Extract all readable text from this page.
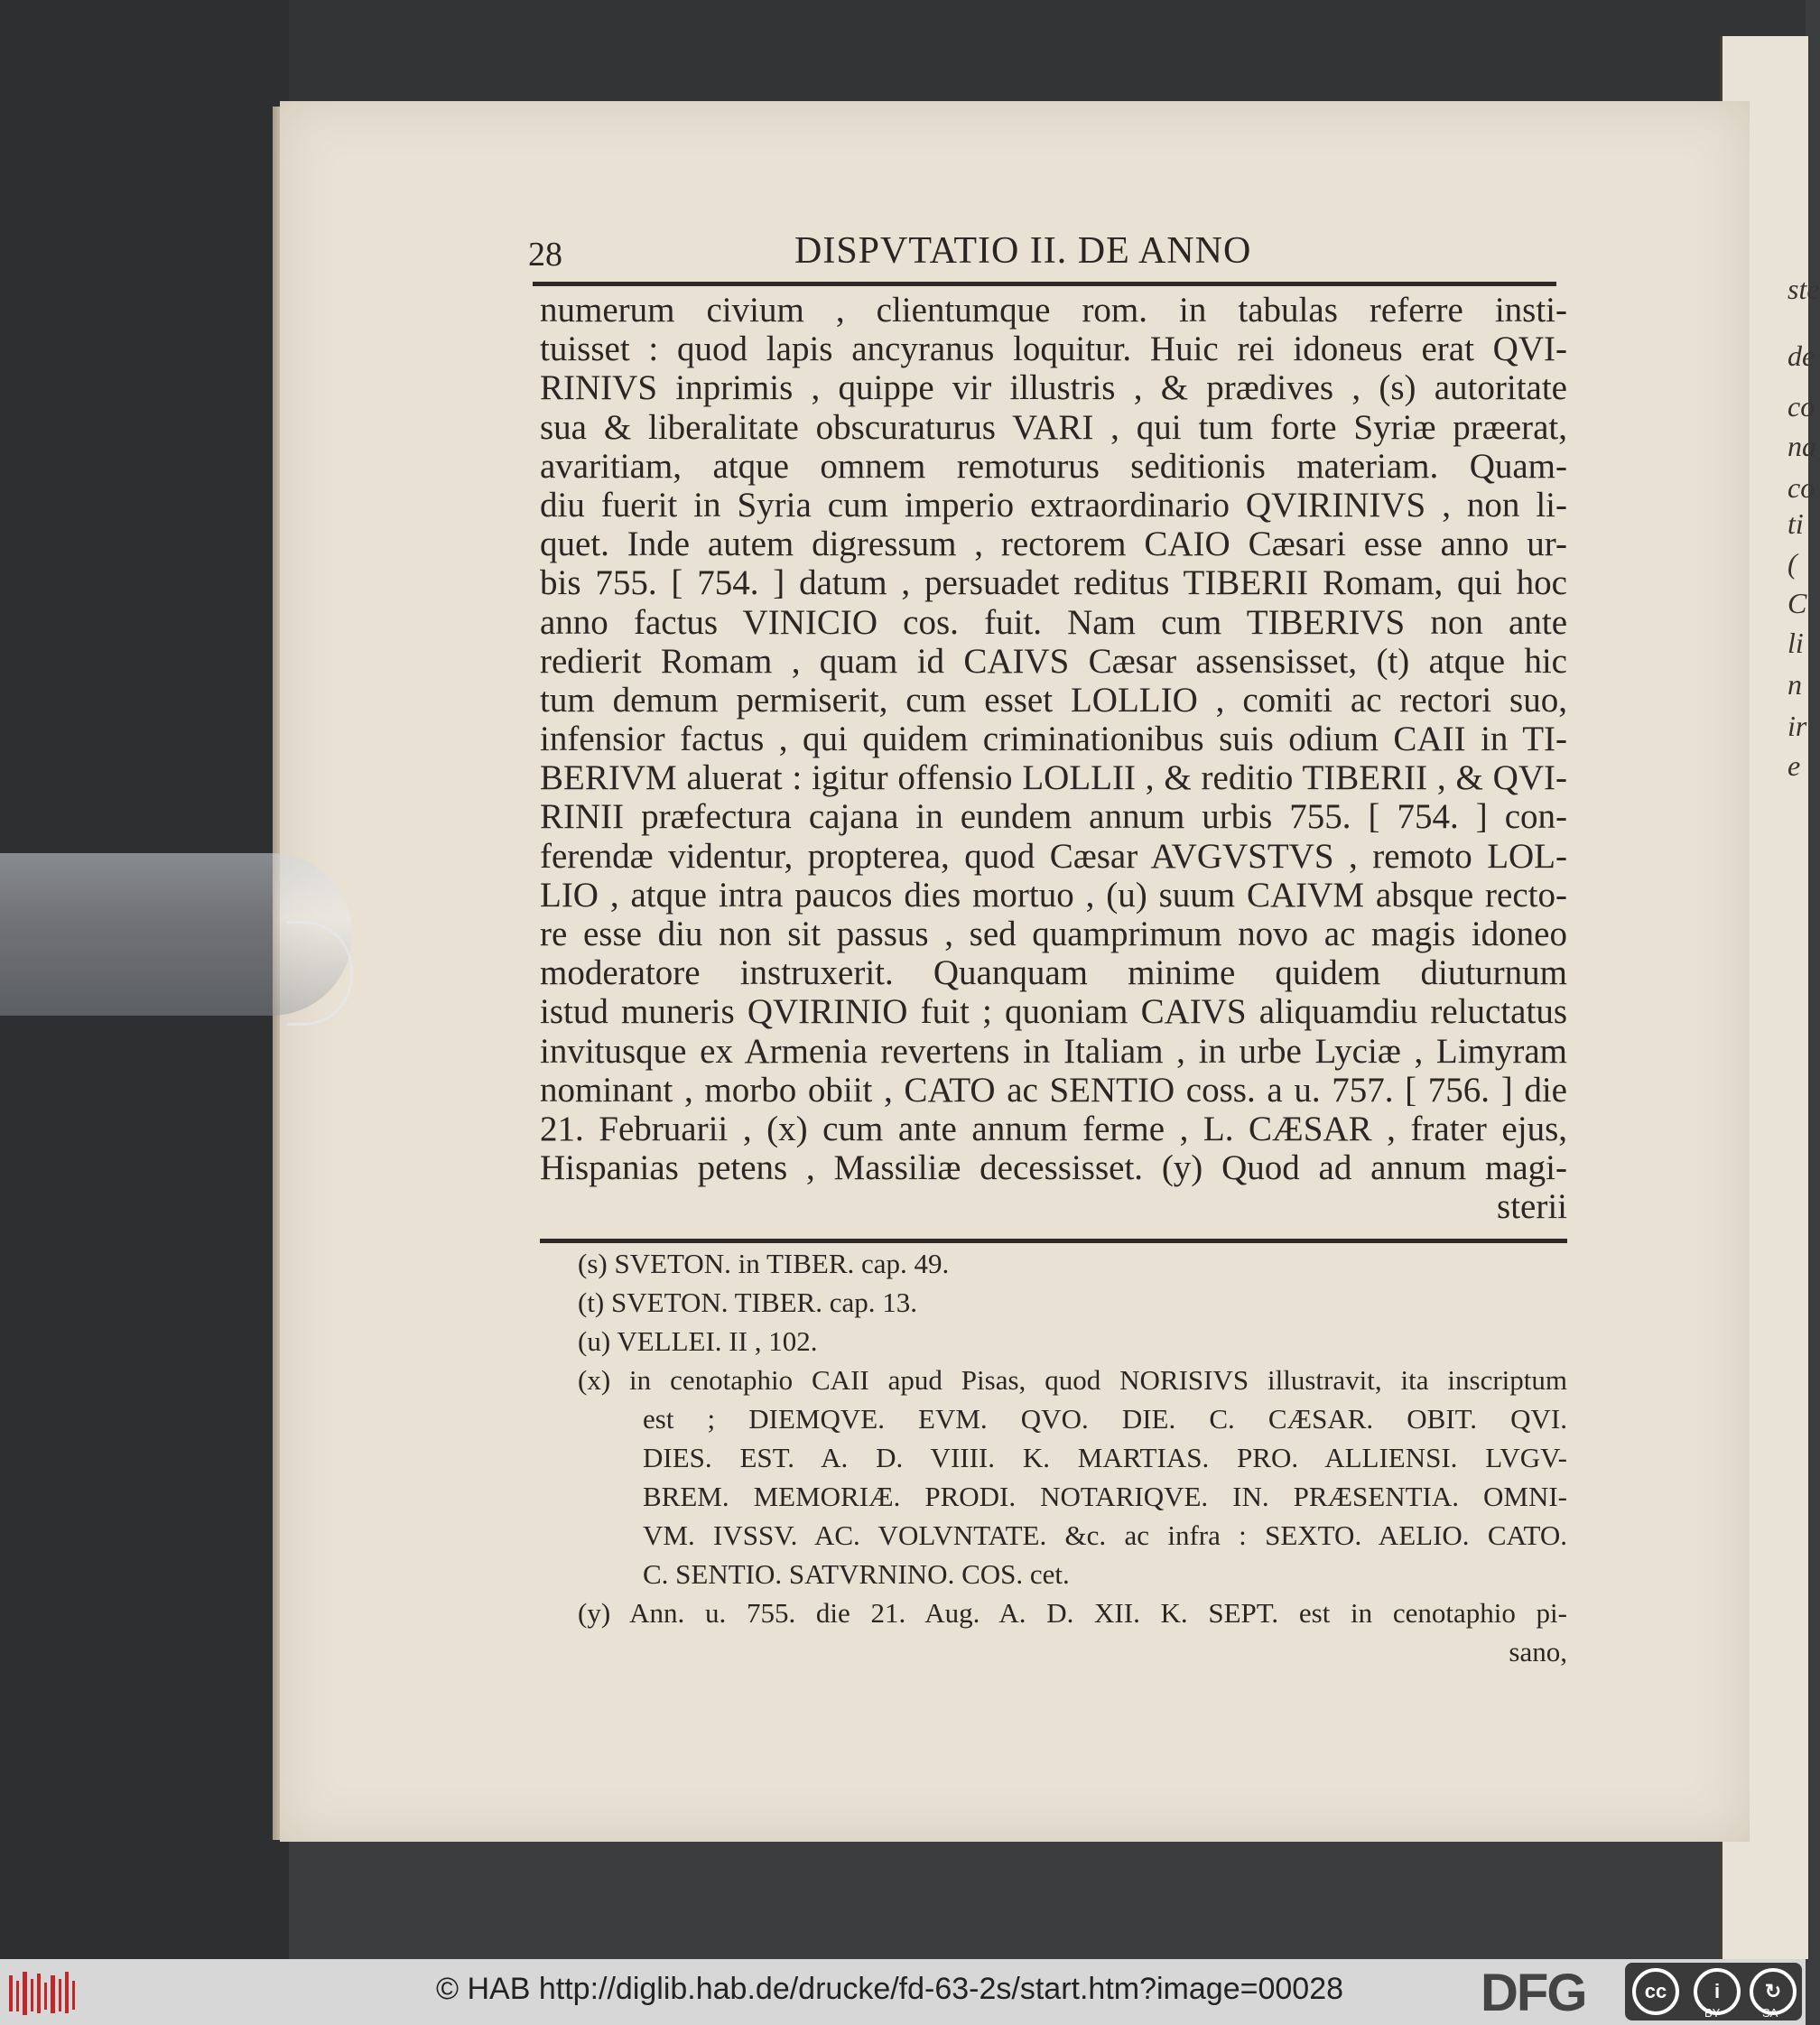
ste
de
co
na
co
ti
(
C
li
n
ir
e
28	DISPVTATIO II. DE ANNO
numerum civium , clientumque rom. in tabulas referre insti-
tuisset : quod lapis ancyranus loquitur. Huic rei idoneus erat QVI-
RINIVS inprimis , quippe vir illustris , & prædives , (s) autoritate
sua & liberalitate obscuraturus VARI , qui tum forte Syriæ præerat,
avaritiam, atque omnem remoturus seditionis materiam. Quam-
diu fuerit in Syria cum imperio extraordinario QVIRINIVS , non li-
quet. Inde autem digressum , rectorem CAIO Cæsari esse anno ur-
bis 755. [ 754. ] datum , persuadet reditus TIBERII Romam, qui hoc
anno factus VINICIO cos. fuit. Nam cum TIBERIVS non ante
redierit Romam , quam id CAIVS Cæsar assensisset, (t) atque hic
tum demum permiserit, cum esset LOLLIO , comiti ac rectori suo,
infensior factus , qui quidem criminationibus suis odium CAII in TI-
BERIVM aluerat : igitur offensio LOLLII , & reditio TIBERII , & QVI-
RINII præfectura cajana in eundem annum urbis 755. [ 754. ] con-
ferendæ videntur, propterea, quod Cæsar AVGVSTVS , remoto LOL-
LIO , atque intra paucos dies mortuo , (u) suum CAIVM absque recto-
re esse diu non sit passus , sed quamprimum novo ac magis idoneo
moderatore instruxerit. Quanquam minime quidem diuturnum
istud muneris QVIRINIO fuit ; quoniam CAIVS aliquamdiu reluctatus
invitusque ex Armenia revertens in Italiam , in urbe Lyciæ , Limyram
nominant , morbo obiit , CATO ac SENTIO coss. a u. 757. [ 756. ] die
21. Februarii , (x) cum ante annum ferme , L. CÆSAR , frater ejus,
Hispanias petens , Massiliæ decessisset. (y) Quod ad annum magi-
sterii
(s) SVETON. in TIBER. cap. 49.
(t) SVETON. TIBER. cap. 13.
(u) VELLEI. II , 102.
(x) in cenotaphio CAII apud Pisas, quod NORISIVS illustravit, ita inscriptum
est ; DIEMQVE. EVM. QVO. DIE. C. CÆSAR. OBIT. QVI.
DIES. EST. A. D. VIIII. K. MARTIAS. PRO. ALLIENSI. LVGV-
BREM. MEMORIÆ. PRODI. NOTARIQVE. IN. PRÆSENTIA. OMNI-
VM. IVSSV. AC. VOLVNTATE. &c. ac infra : SEXTO. AELIO. CATO.
C. SENTIO. SATVRNINO. COS. cet.
(y) Ann. u. 755. die 21. Aug. A. D. XII. K. SEPT. est in cenotaphio pi-
sano,
© HAB http://diglib.hab.de/drucke/fd-63-2s/start.htm?image=00028	DFG	cc	i	↻
BY	SA
